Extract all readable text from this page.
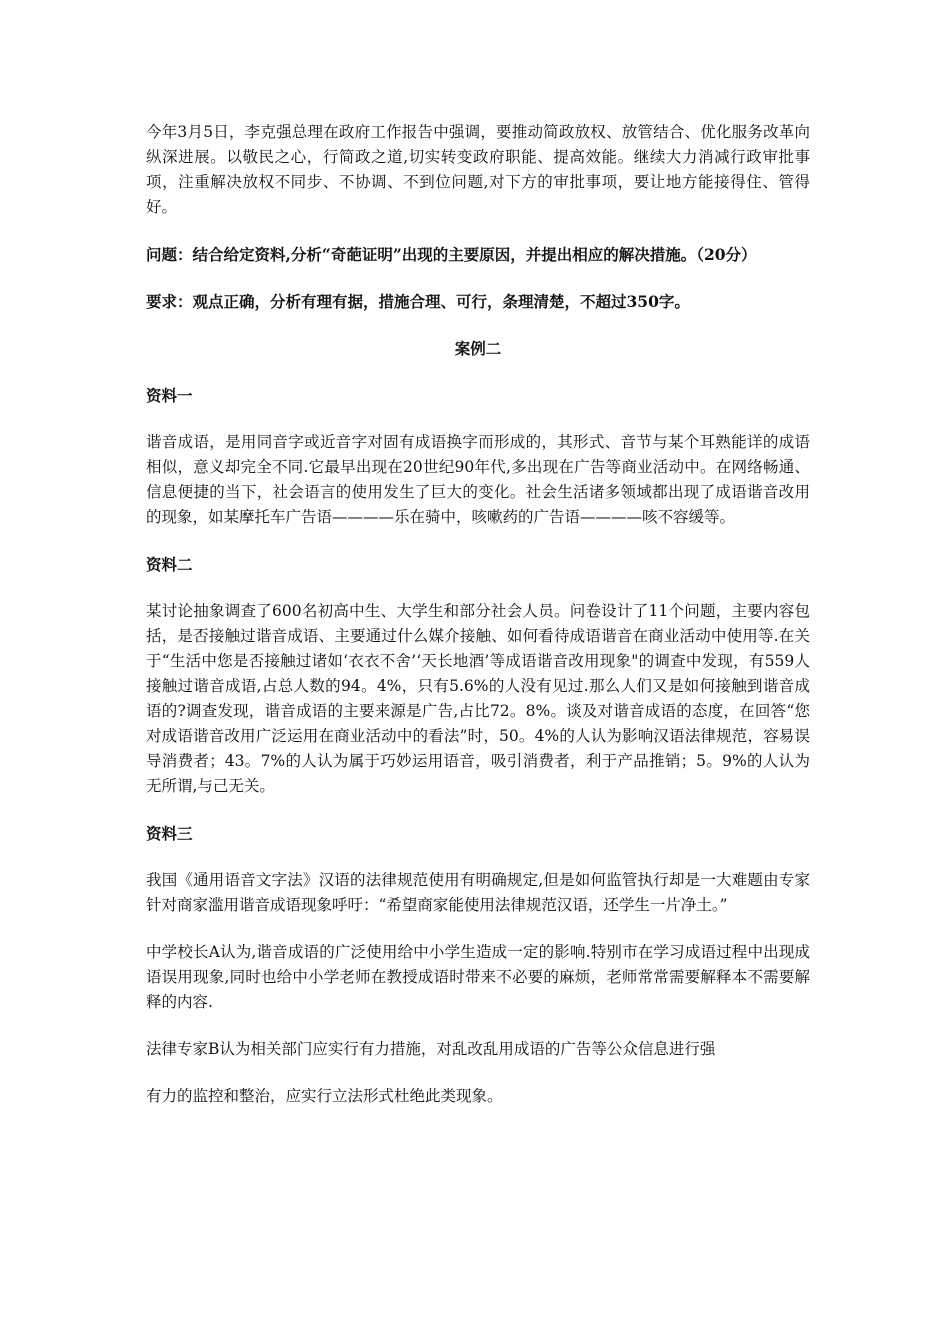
今年3月5日，李克强总理在政府工作报告中强调，要推动简政放权、放管结合、优化服务改革向纵深进展。以敬民之心，行简政之道,切实转变政府职能、提高效能。继续大力消减行政审批事项，注重解决放权不同步、不协调、不到位问题,对下方的审批事项，要让地方能接得住、管得好。

问题：结合给定资料,分析“奇葩证明”出现的主要原因，并提出相应的解决措施。（20分）

要求：观点正确，分析有理有据，措施合理、可行，条理清楚，不超过350字。

案例二

资料一

谐音成语，是用同音字或近音字对固有成语换字而形成的，其形式、音节与某个耳熟能详的成语相似，意义却完全不同.它最早出现在20世纪90年代,多出现在广告等商业活动中。在网络畅通、信息便捷的当下，社会语言的使用发生了巨大的变化。社会生活诸多领域都出现了成语谐音改用的现象，如某摩托车广告语————乐在骑中，咳嗽药的广告语————咳不容缓等。

资料二

某讨论抽象调查了600名初高中生、大学生和部分社会人员。问卷设计了11个问题，主要内容包括，是否接触过谐音成语、主要通过什么媒介接触、如何看待成语谐音在商业活动中使用等.在关于“生活中您是否接触过诸如‘衣衣不舍’‘天长地酒’等成语谐音改用现象"的调查中发现，有559人接触过谐音成语,占总人数的94。4%，只有5.6%的人没有见过.那么人们又是如何接触到谐音成语的?调查发现，谐音成语的主要来源是广告,占比72。8%。谈及对谐音成语的态度，在回答“您对成语谐音改用广泛运用在商业活动中的看法”时，50。4%的人认为影响汉语法律规范，容易误导消费者；43。7%的人认为属于巧妙运用语音，吸引消费者，利于产品推销；5。9%的人认为无所谓,与己无关。

资料三

我国《通用语音文字法》汉语的法律规范使用有明确规定,但是如何监管执行却是一大难题由专家针对商家滥用谐音成语现象呼吁：“希望商家能使用法律规范汉语，还学生一片净土。”

中学校长A认为,谐音成语的广泛使用给中小学生造成一定的影响.特别市在学习成语过程中出现成语误用现象,同时也给中小学老师在教授成语时带来不必要的麻烦，老师常常需要解释本不需要解释的内容.

法律专家B认为相关部门应实行有力措施，对乱改乱用成语的广告等公众信息进行强

有力的监控和整治，应实行立法形式杜绝此类现象。
